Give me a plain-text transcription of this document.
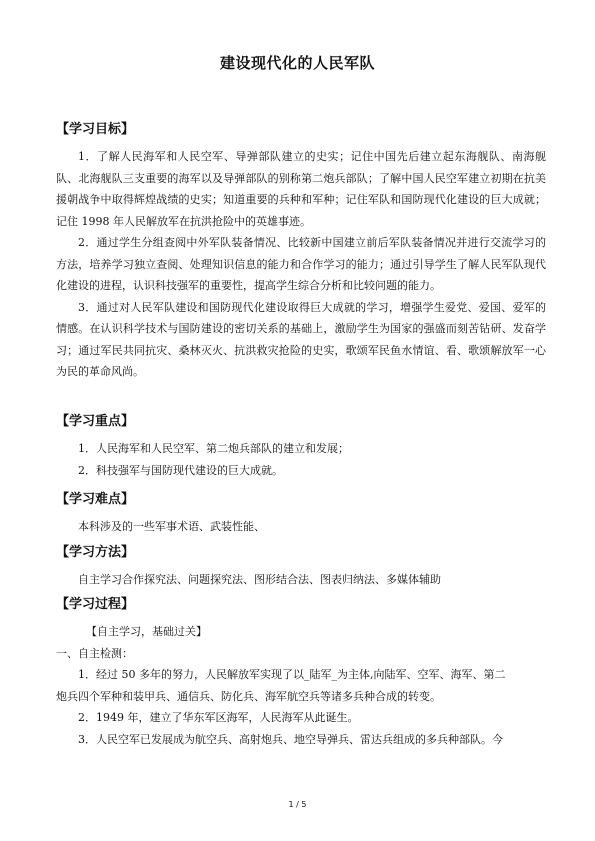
建设现代化的人民军队
【学习目标】

1．了解人民海军和人民空军、导弹部队建立的史实；记住中国先后建立起东海舰队、南海舰队、北海舰队三支重要的海军以及导弹部队的别称第二炮兵部队；了解中国人民空军建立初期在抗美援朝战争中取得辉煌战绩的史实；知道重要的兵种和军种；记住军队和国防现代化建设的巨大成就；记住 1998 年人民解放军在抗洪抢险中的英雄事迹。

2．通过学生分组查阅中外军队装备情况、比较新中国建立前后军队装备情况并进行交流学习的方法，培养学习独立查阅、处理知识信息的能力和合作学习的能力；通过引导学生了解人民军队现代化建设的进程，认识科技强军的重要性，提高学生综合分析和比较问题的能力。

3．通过对人民军队建设和国防现代化建设取得巨大成就的学习，增强学生爱党、爱国、爱军的情感。在认识科学技术与国防建设的密切关系的基础上，激励学生为国家的强盛而刻苦钻研、发奋学习；通过军民共同抗灾、桑林灭火、抗洪救灾抢险的史实，歌颂军民鱼水情谊、看、歌颂解放军一心为民的革命风尚。

【学习重点】

1．人民海军和人民空军、第二炮兵部队的建立和发展；

2．科技强军与国防现代建设的巨大成就。

【学习难点】

本科涉及的一些军事术语、武装性能、

【学习方法】

自主学习合作探究法、问题探究法、图形结合法、图表归纳法、多媒体辅助

【学习过程】

【自主学习，基础过关】

一、自主检测：

1．经过 50 多年的努力，人民解放军实现了以_陆军_为主体,向陆军、空军、海军、第二

炮兵四个军种和装甲兵、通信兵、防化兵、海军航空兵等诸多兵种合成的转变。

2．1949 年，建立了华东军区海军，人民海军从此诞生。

3．人民空军已发展成为航空兵、高射炮兵、地空导弹兵、雷达兵组成的多兵种部队。今

1 / 5
